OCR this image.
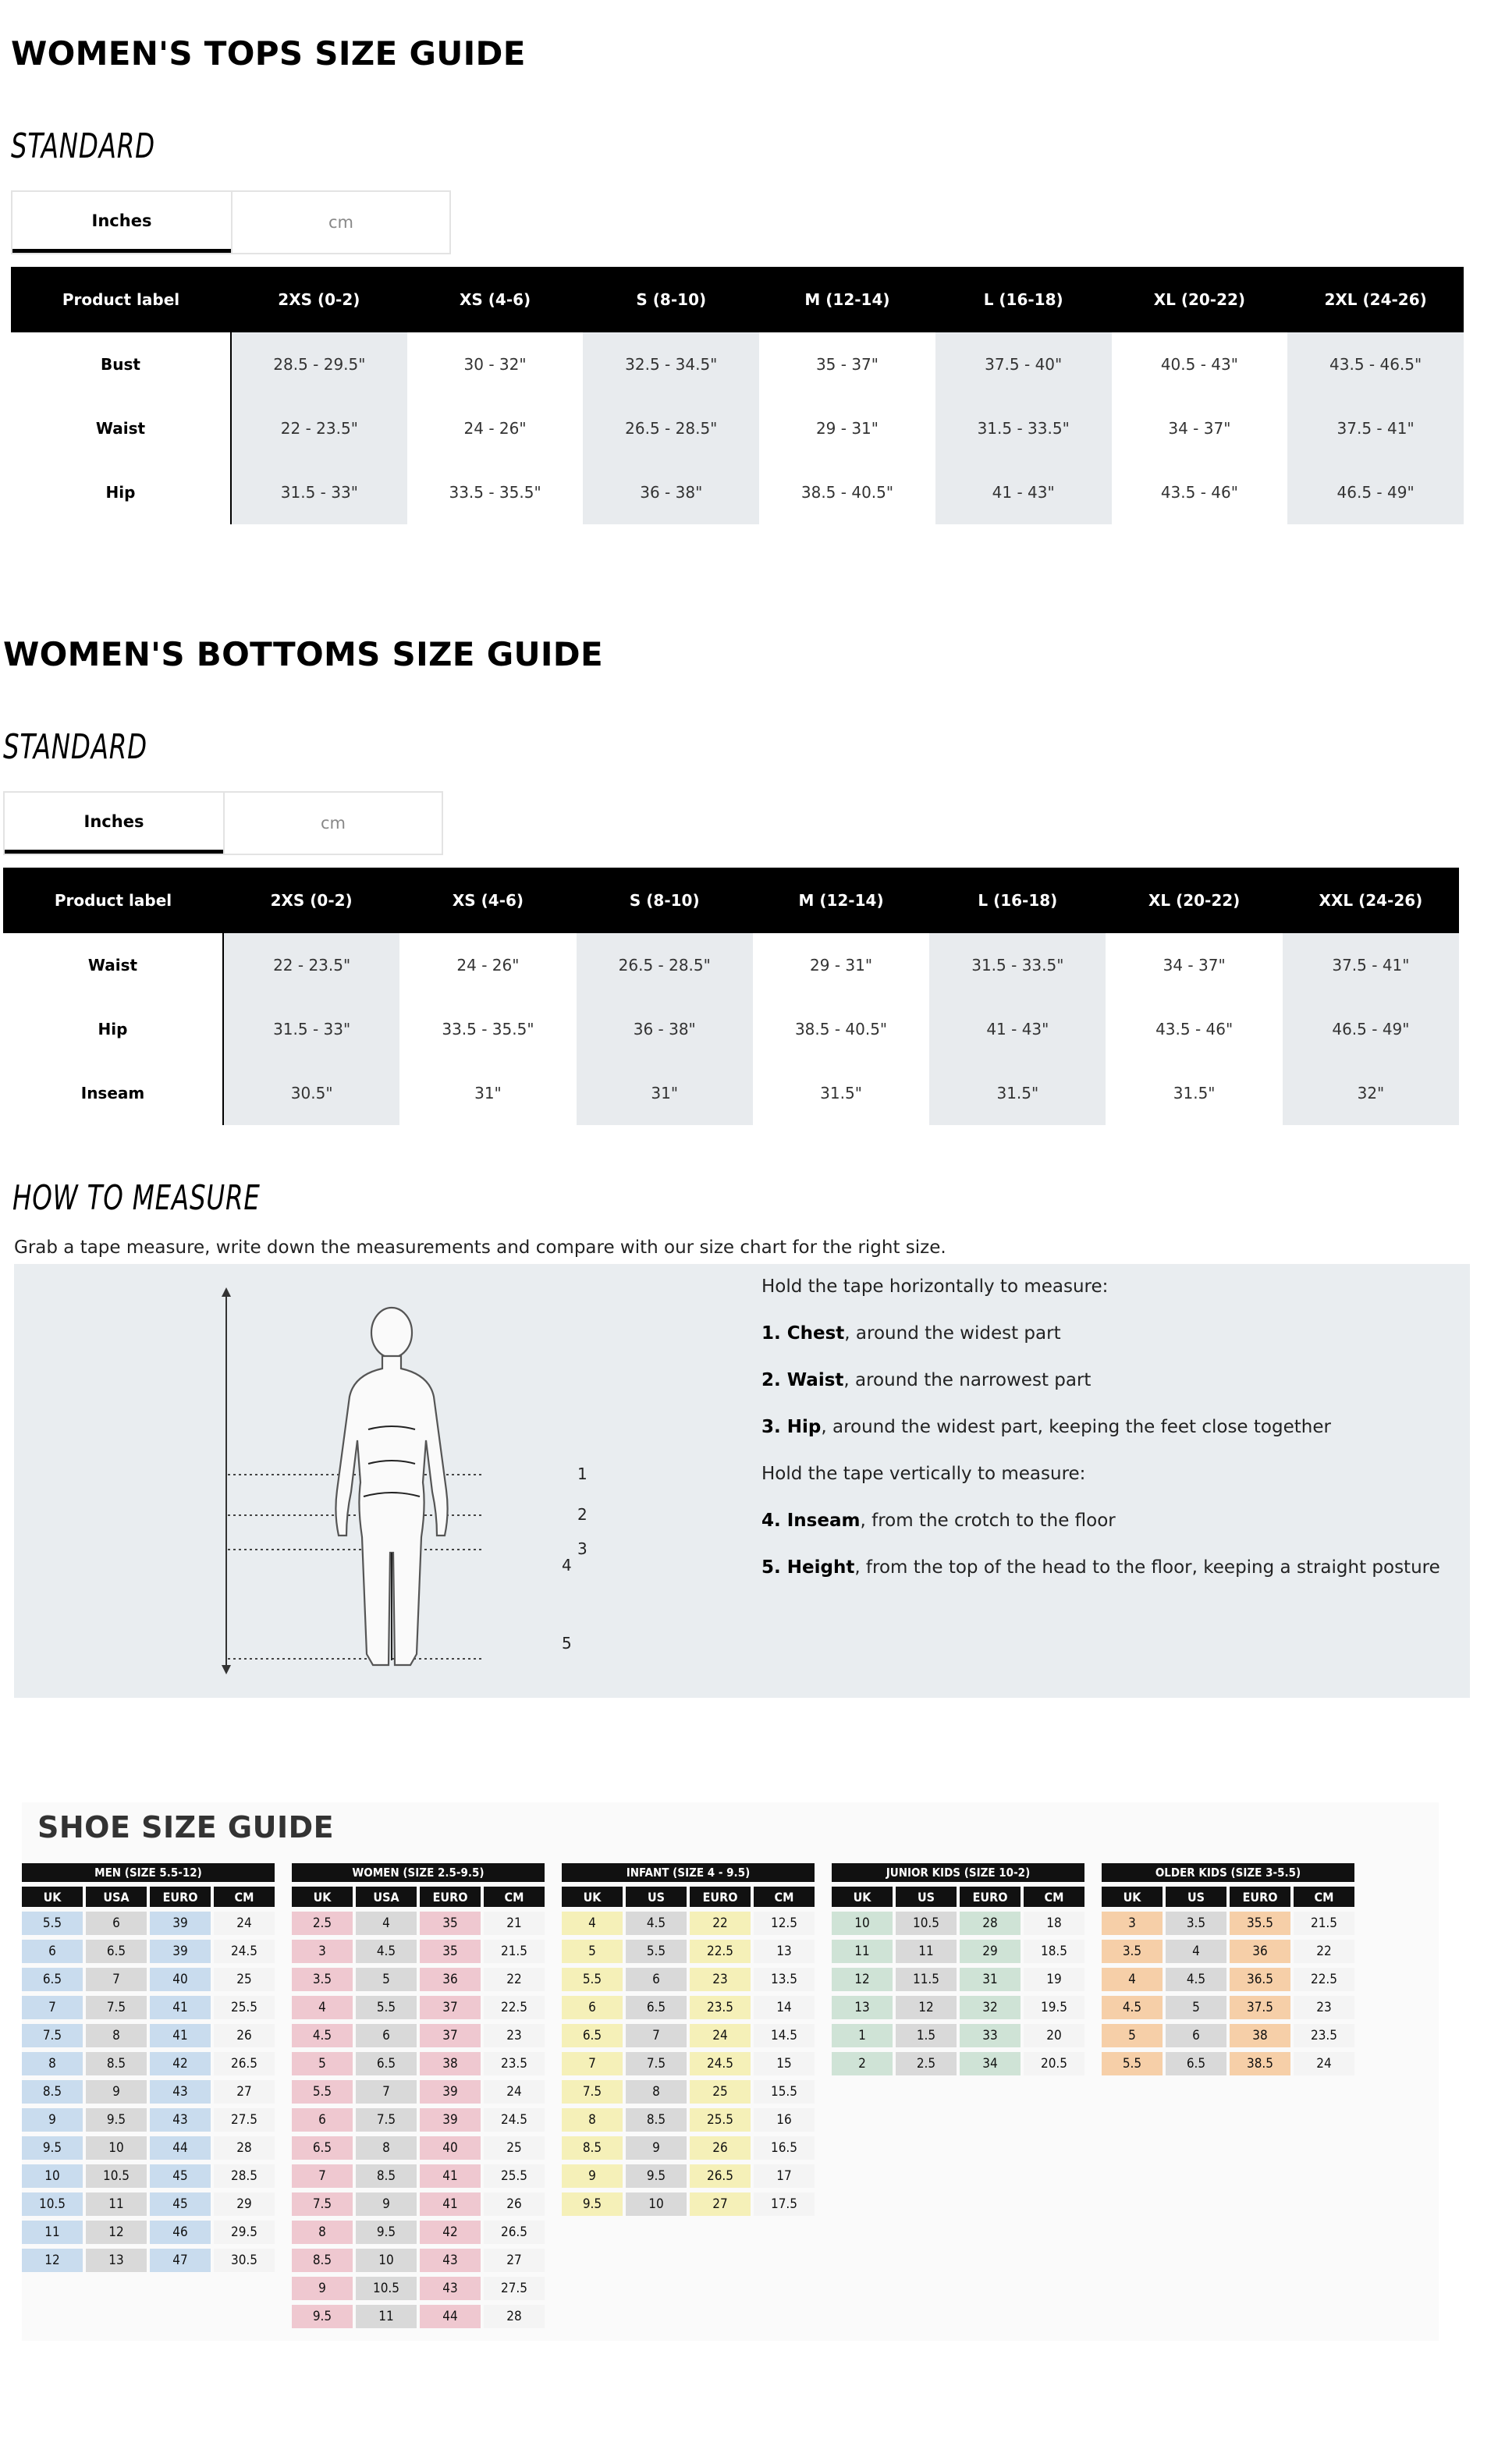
WOMEN'S TOPS SIZE GUIDE
STANDARD
Inches	cm
Product label	2XS (0-2)	XS (4-6)	S (8-10)	M (12-14)	L (16-18)	XL (20-22)	2XL (24-26)
Bust	28.5 - 29.5"	30 - 32"	32.5 - 34.5"	35 - 37"	37.5 - 40"	40.5 - 43"	43.5 - 46.5"
Waist	22 - 23.5"	24 - 26"	26.5 - 28.5"	29 - 31"	31.5 - 33.5"	34 - 37"	37.5 - 41"
Hip	31.5 - 33"	33.5 - 35.5"	36 - 38"	38.5 - 40.5"	41 - 43"	43.5 - 46"	46.5 - 49"
WOMEN'S BOTTOMS SIZE GUIDE
STANDARD
Inches	cm
Product label	2XS (0-2)	XS (4-6)	S (8-10)	M (12-14)	L (16-18)	XL (20-22)	XXL (24-26)
Waist	22 - 23.5"	24 - 26"	26.5 - 28.5"	29 - 31"	31.5 - 33.5"	34 - 37"	37.5 - 41"
Hip	31.5 - 33"	33.5 - 35.5"	36 - 38"	38.5 - 40.5"	41 - 43"	43.5 - 46"	46.5 - 49"
Inseam	30.5"	31"	31"	31.5"	31.5"	31.5"	32"
HOW TO MEASURE
Grab a tape measure, write down the measurements and compare with our size chart for the right size.
1
2
3

Hold the tape horizontally to measure:

1. Chest, around the widest part

2. Waist, around the narrowest part

3. Hip, around the widest part, keeping the feet close together

Hold the tape vertically to measure:

4. Inseam, from the crotch to the floor

5. Height, from the top of the head to the floor, keeping a straight posture

4
5
SHOE SIZE GUIDE
MEN (SIZE 5.5-12)			
UK	USA	EURO	CM
5.5	6	39	24
6	6.5	39	24.5
6.5	7	40	25
7	7.5	41	25.5
7.5	8	41	26
8	8.5	42	26.5
8.5	9	43	27
9	9.5	43	27.5
9.5	10	44	28
10	10.5	45	28.5
10.5	11	45	29
11	12	46	29.5
12	13	47	30.5
WOMEN (SIZE 2.5-9.5)			
UK	USA	EURO	CM
2.5	4	35	21
3	4.5	35	21.5
3.5	5	36	22
4	5.5	37	22.5
4.5	6	37	23
5	6.5	38	23.5
5.5	7	39	24
6	7.5	39	24.5
6.5	8	40	25
7	8.5	41	25.5
7.5	9	41	26
8	9.5	42	26.5
8.5	10	43	27
9	10.5	43	27.5
9.5	11	44	28
INFANT (SIZE 4 - 9.5)			
UK	US	EURO	CM
4	4.5	22	12.5
5	5.5	22.5	13
5.5	6	23	13.5
6	6.5	23.5	14
6.5	7	24	14.5
7	7.5	24.5	15
7.5	8	25	15.5
8	8.5	25.5	16
8.5	9	26	16.5
9	9.5	26.5	17
9.5	10	27	17.5
JUNIOR KIDS (SIZE 10-2)			
UK	US	EURO	CM
10	10.5	28	18
11	11	29	18.5
12	11.5	31	19
13	12	32	19.5
1	1.5	33	20
2	2.5	34	20.5
OLDER KIDS (SIZE 3-5.5)			
UK	US	EURO	CM
3	3.5	35.5	21.5
3.5	4	36	22
4	4.5	36.5	22.5
4.5	5	37.5	23
5	6	38	23.5
5.5	6.5	38.5	24
